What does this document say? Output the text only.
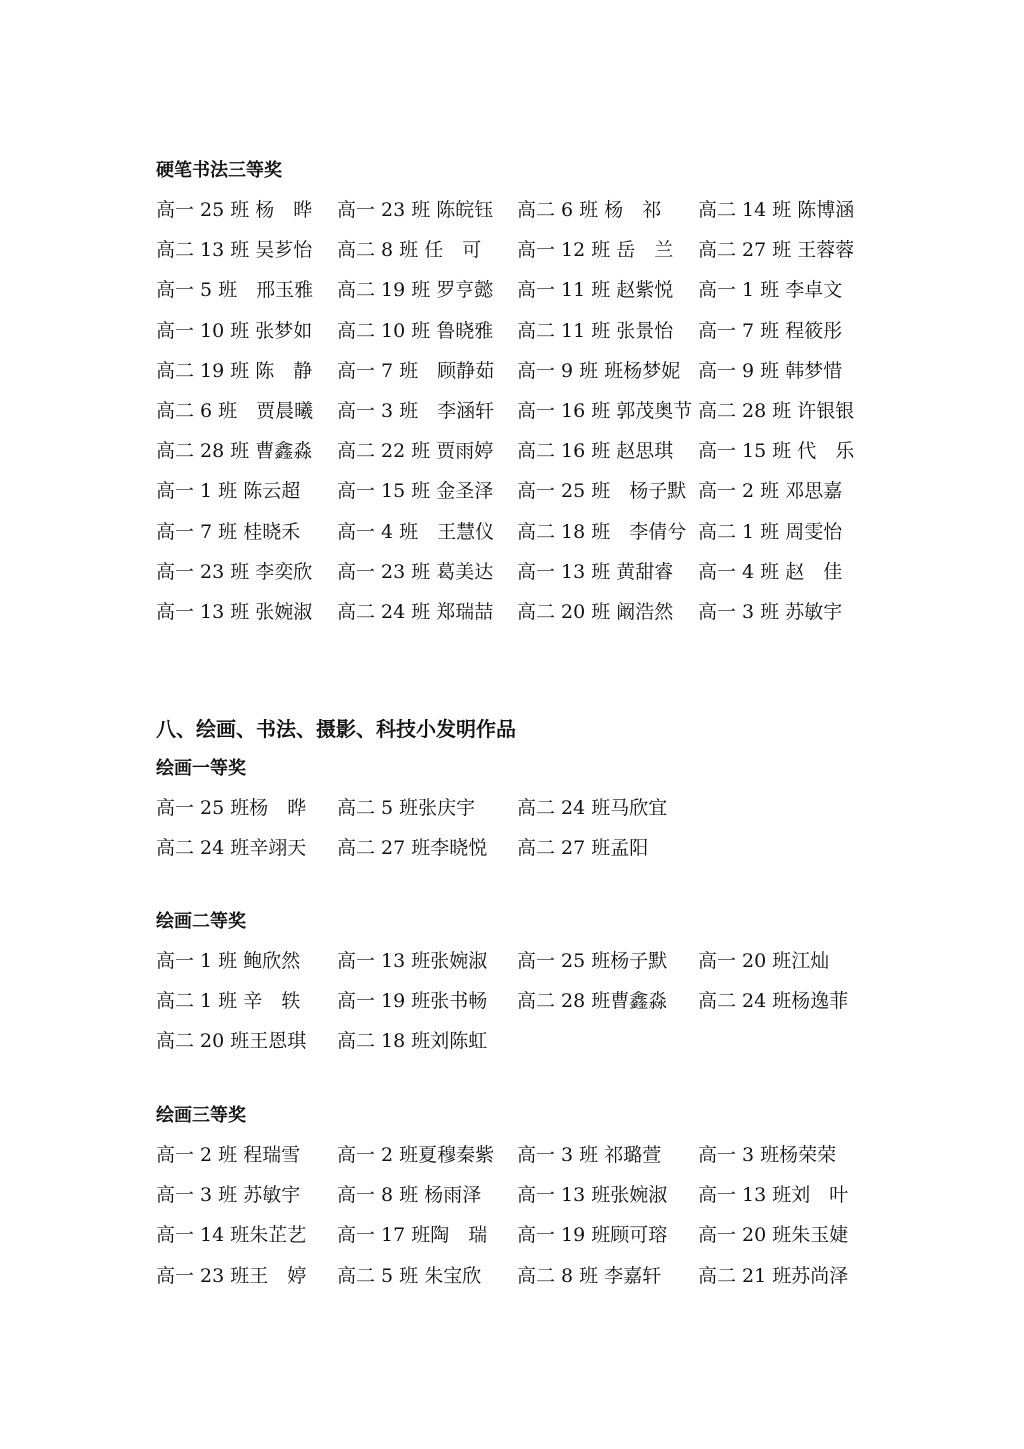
硬笔书法三等奖
高一 25 班 杨　晔 高一 23 班 陈皖钰 高二 6 班 杨　祁 高二 14 班 陈博涵
高二 13 班 吴芗怡 高二 8 班 任　可 高一 12 班 岳　兰 高二 27 班 王蓉蓉
高一 5 班　邢玉雅 高二 19 班 罗亨懿 高一 11 班 赵紫悦 高一 1 班 李卓文
高一 10 班 张梦如 高二 10 班 鲁晓雅 高二 11 班 张景怡 高一 7 班 程筱彤
高二 19 班 陈　静 高一 7 班　顾静茹 高一 9 班 班杨梦妮 高一 9 班 韩梦惜
高二 6 班　贾晨曦 高一 3 班　李涵轩 高一 16 班 郭茂奥节 高二 28 班 许银银
高二 28 班 曹鑫淼 高二 22 班 贾雨婷 高二 16 班 赵思琪 高一 15 班 代　乐
高一 1 班 陈云超 高一 15 班 金圣泽 高一 25 班　杨子默 高一 2 班 邓思嘉
高一 7 班 桂晓禾 高一 4 班　王慧仪 高二 18 班　李倩兮 高二 1 班 周雯怡
高一 23 班 李奕欣 高一 23 班 葛美达 高一 13 班 黄甜睿 高一 4 班 赵　佳
高一 13 班 张婉淑 高二 24 班 郑瑞喆 高二 20 班 阚浩然 高一 3 班 苏敏宇
八、绘画、书法、摄影、科技小发明作品
绘画一等奖
高一 25 班杨　晔 高二 5 班张庆宇 高二 24 班马欣宜
高二 24 班辛翊天 高二 27 班李晓悦 高二 27 班孟阳
绘画二等奖
高一 1 班 鲍欣然 高一 13 班张婉淑 高一 25 班杨子默 高一 20 班江灿
高二 1 班 辛　轶 高一 19 班张书畅 高二 28 班曹鑫淼 高二 24 班杨逸菲
高二 20 班王恩琪 高二 18 班刘陈虹
绘画三等奖
高一 2 班 程瑞雪 高一 2 班夏穆秦紫 高一 3 班 祁璐萱 高一 3 班杨荣荣
高一 3 班 苏敏宇 高一 8 班 杨雨泽 高一 13 班张婉淑 高一 13 班刘　叶
高一 14 班朱芷艺 高一 17 班陶　瑞 高一 19 班顾可瑢 高一 20 班朱玉婕
高一 23 班王　婷 高二 5 班 朱宝欣 高二 8 班 李嘉轩 高二 21 班苏尚泽
